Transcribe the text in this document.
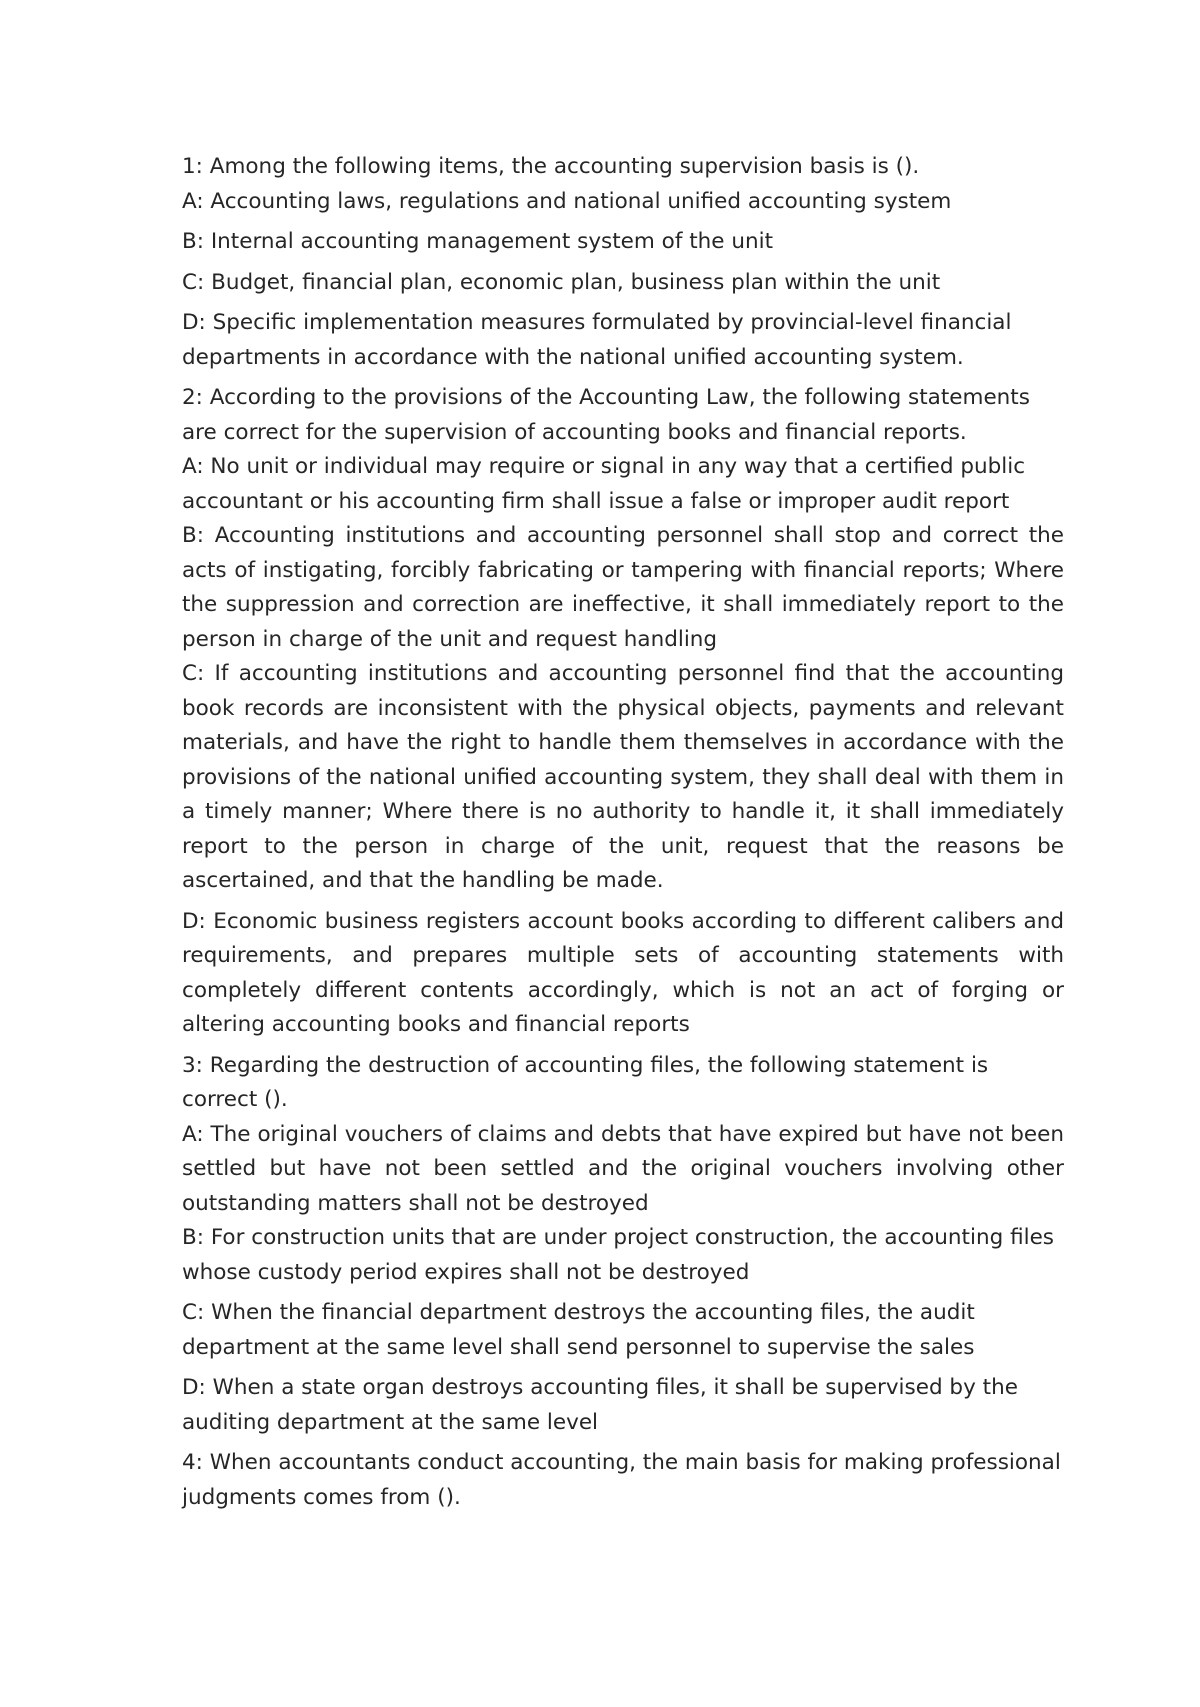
1: Among the following items, the accounting supervision basis is ().

A: Accounting laws, regulations and national unified accounting system

B: Internal accounting management system of the unit

C: Budget, financial plan, economic plan, business plan within the unit

D: Specific implementation measures formulated by provincial-level financial departments in accordance with the national unified accounting system.

2: According to the provisions of the Accounting Law, the following statements are correct for the supervision of accounting books and financial reports.

A: No unit or individual may require or signal in any way that a certified public accountant or his accounting firm shall issue a false or improper audit report

B: Accounting institutions and accounting personnel shall stop and correct the acts of instigating, forcibly fabricating or tampering with financial reports; Where the suppression and correction are ineffective, it shall immediately report to the person in charge of the unit and request handling

C: If accounting institutions and accounting personnel find that the accounting book records are inconsistent with the physical objects, payments and relevant materials, and have the right to handle them themselves in accordance with the provisions of the national unified accounting system, they shall deal with them in a timely manner; Where there is no authority to handle it, it shall immediately report to the person in charge of the unit, request that the reasons be ascertained, and that the handling be made.

D: Economic business registers account books according to different calibers and requirements, and prepares multiple sets of accounting statements with completely different contents accordingly, which is not an act of forging or altering accounting books and financial reports

3: Regarding the destruction of accounting files, the following statement is correct ().

A: The original vouchers of claims and debts that have expired but have not been settled but have not been settled and the original vouchers involving other outstanding matters shall not be destroyed

B: For construction units that are under project construction, the accounting files whose custody period expires shall not be destroyed

C: When the financial department destroys the accounting files, the audit department at the same level shall send personnel to supervise the sales

D: When a state organ destroys accounting files, it shall be supervised by the auditing department at the same level

4: When accountants conduct accounting, the main basis for making professional judgments comes from ().
